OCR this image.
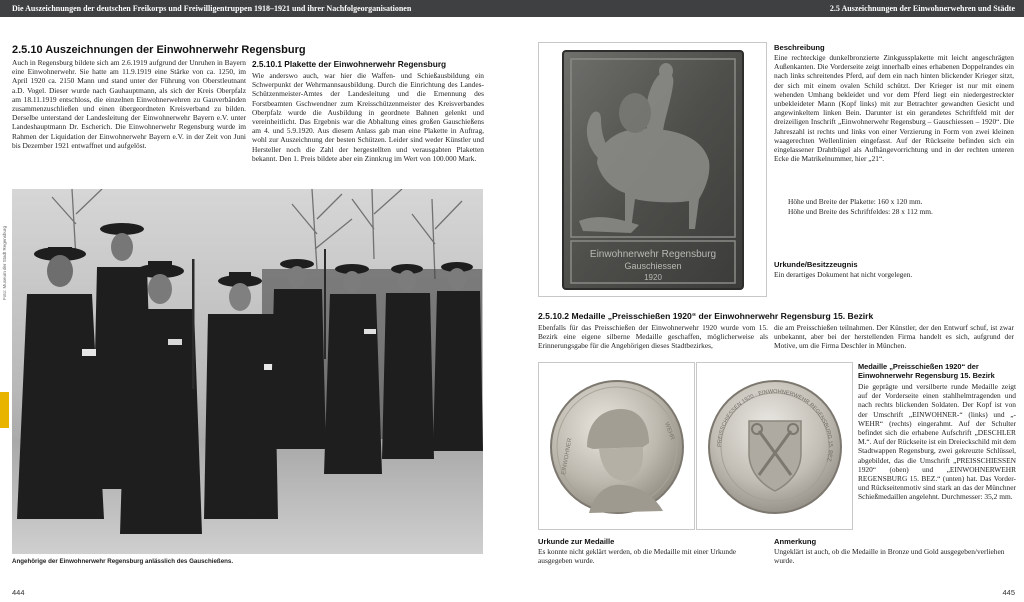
Die Auszeichnungen der deutschen Freikorps und Freiwilligentruppen 1918–1921 und ihrer Nachfolgeorganisationen
2.5.10 Auszeichnungen der Einwohnerwehr Regensburg

Auch in Regensburg bildete sich am 2.6.1919 aufgrund der Unruhen in Bayern eine Einwohnerwehr. Sie hatte am 11.9.1919 eine Stärke von ca. 1250, im April 1920 ca. 2150 Mann und stand unter der Führung von Oberstleutnant a.D. Vogel. Dieser wurde nach Gauhauptmann, als sich der Kreis Oberpfalz am 18.11.1919 entschloss, die einzelnen Einwohnerwehren zu Gauverbänden zusammenzuschließen und einen übergeordneten Kreisverband zu bilden. Derselbe unterstand der Landesleitung der Einwohnerwehr Bayern e.V. unter Landeshauptmann Dr. Escherich. Die Einwohnerwehr Regensburg wurde im Rahmen der Liquidation der Einwohnerwehr Bayern e.V. in der Zeit von Juni bis Dezember 1921 entwaffnet und aufgelöst.

2.5.10.1 Plakette der Einwohnerwehr Regensburg

Wie anderswo auch, war hier die Waffen- und Schießausbildung ein Schwerpunkt der Wehrmannsausbildung. Durch die Einrichtung des Landes-Schützenmeister-Amtes der Landesleitung und die Ernennung des Forstbeamten Gschwendner zum Kreisschützenmeister des Kreisverbandes Oberpfalz wurde die Ausbildung in geordnete Bahnen gelenkt und vereinheitlicht. Das Ergebnis war die Abhaltung eines großen Gauschießens am 4. und 5.9.1920. Aus diesem Anlass gab man eine Plakette in Auftrag, wohl zur Auszeichnung der besten Schützen. Leider sind weder Künstler und Hersteller noch die Zahl der hergestellten und verausgabten Plaketten bekannt. Den 1. Preis bildete aber ein Zinnkrug im Wert von 100.000 Mark.

Foto: Museum der Stadt Regensburg
Angehörige der Einwohnerwehr Regensburg anlässlich des Gauschießens.
444
2.5 Auszeichnungen der Einwohnerwehren und Städte
Einwohnerwehr Regensburg
Gauschiessen
1920
Beschreibung

Eine rechteckige dunkelbronzierte Zinkgussplakette mit leicht angeschrägten Außenkanten. Die Vorderseite zeigt innerhalb eines erhabenen Doppelrandes ein nach links schreitendes Pferd, auf dem ein nach hinten blickender Krieger sitzt, der sich mit einem ovalen Schild schützt. Der Krieger ist nur mit einem wehenden Umhang bekleidet und vor dem Pferd liegt ein niedergestreckter unbekleideter Mann (Kopf links) mit zur Betrachter gewandten Gesicht und angewinkeltem linken Bein. Darunter ist ein gerandetes Schriftfeld mit der dreizeiligen Inschrift „Einwohnerwehr Regensburg – Gauschiessen – 1920“. Die Jahreszahl ist rechts und links von einer Verzierung in Form von zwei kleinen waagerechten Wellenlinien eingefasst. Auf der Rückseite befinden sich ein eingelassener Drahtbügel als Aufhängevorrichtung und in der rechten unteren Ecke die Matrikelnummer, hier „21“.

Höhe und Breite der Plakette: 160 x 120 mm.
Höhe und Breite des Schriftfeldes: 28 x 112 mm.
Urkunde/Besitzzeugnis
Ein derartiges Dokument hat nicht vorgelegen.
2.5.10.2 Medaille „Preisschießen 1920“ der Einwohnerwehr Regensburg 15. Bezirk
Ebenfalls für das Preisschießen der Einwohnerwehr 1920 wurde vom 15. Bezirk eine eigene silberne Medaille geschaffen, möglicherweise als Erinnerungsgabe für die Angehörigen dieses Stadtbezirkes,
die am Preisschießen teilnahmen. Der Künstler, der den Entwurf schuf, ist zwar unbekannt, aber bei der herstellenden Firma handelt es sich, aufgrund der Motive, um die Firma Deschler in München.
EINWOHNER
WEHR
PREISSCHIESSEN 1920 · EINWOHNERWEHR REGENSBURG 15. BEZ.
Medaille „Preisschießen 1920“ der Einwohnerwehr Regensburg 15. Bezirk

Die geprägte und versilberte runde Medaille zeigt auf der Vorderseite einen stahlhelmtragenden und nach rechts blickenden Soldaten. Der Kopf ist von der Umschrift „EINWOHNER-“ (links) und „-WEHR“ (rechts) eingerahmt. Auf der Schulter befindet sich die erhabene Aufschrift „DESCHLER M.“. Auf der Rückseite ist ein Dreieckschild mit dem Stadtwappen Regensburg, zwei gekreuzte Schlüssel, abgebildet, das die Umschrift „PREISSCHIESSEN 1920“ (oben) und „EINWOHNERWEHR REGENSBURG 15. BEZ.“ (unten) hat. Das Vorder- und Rückseitenmotiv sind stark an das der Münchner Schießmedaillen angelehnt. Durchmesser: 35,2 mm.

Urkunde zur Medaille
Es konnte nicht geklärt werden, ob die Medaille mit einer Urkunde ausgegeben wurde.
Anmerkung
Ungeklärt ist auch, ob die Medaille in Bronze und Gold ausgegeben/verliehen wurde.
445
